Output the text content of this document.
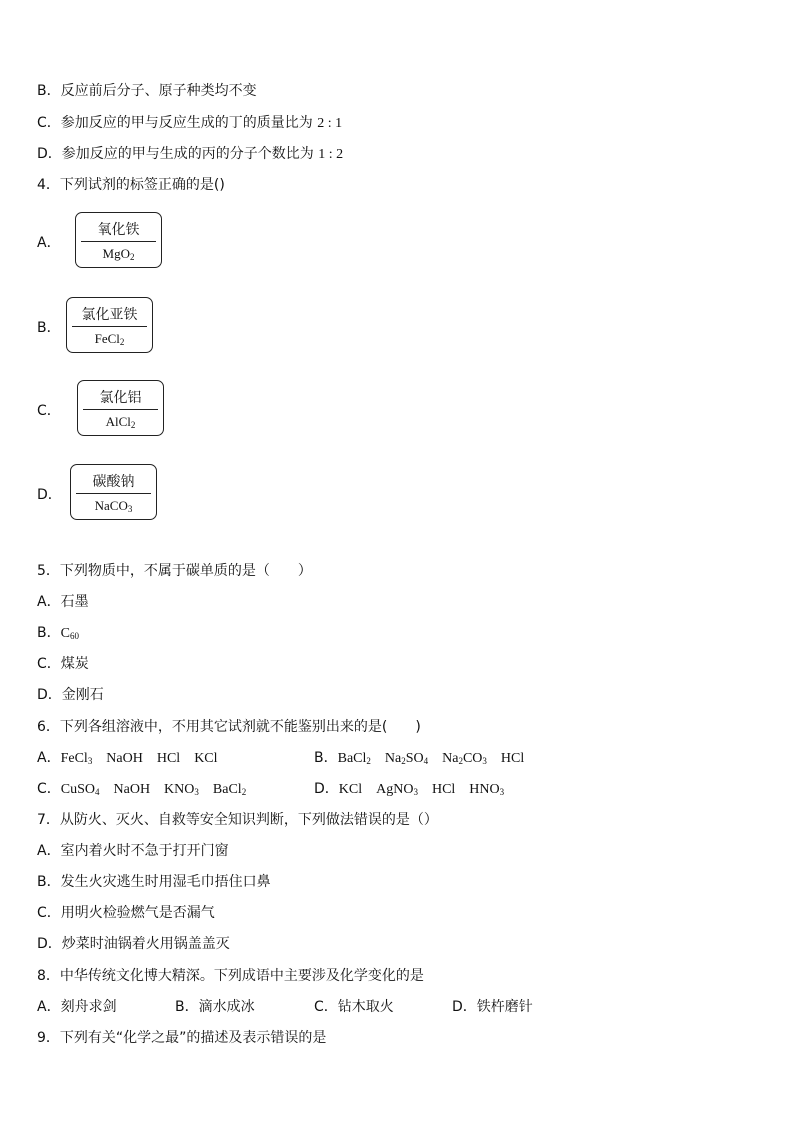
B．反应前后分子、原子种类均不变
C．参加反应的甲与反应生成的丁的质量比为 2 : 1
D．参加反应的甲与生成的丙的分子个数比为 1 : 2
4．下列试剂的标签正确的是()
A．
氧化铁
MgO$_2$
B．
氯化亚铁
FeCl$_2$
C．
氯化铝
AlCl$_2$
D．
碳酸钠
NaCO$_3$
5．下列物质中，不属于碳单质的是（　　）
A．石墨
B．$C_{60}$
C．煤炭
D．金刚石
6．下列各组溶液中，不用其它试剂就不能鉴别出来的是(　　)
A．FeCl$_3$　NaOH　HCl　KCl	B．BaCl$_2$　$Na_2SO_4$　$Na_2CO_3$　HCl
C．CuSO$_4$　NaOH　$KNO_3$　BaCl$_2$	D．KCl　AgNO$_3$　HCl　$HNO_3$
7．从防火、灭火、自救等安全知识判断，下列做法错误的是（）
A．室内着火时不急于打开门窗
B．发生火灾逃生时用湿毛巾捂住口鼻
C．用明火检验燃气是否漏气
D．炒菜时油锅着火用锅盖盖灭
8．中华传统文化博大精深。下列成语中主要涉及化学变化的是
A．刻舟求剑	B．滴水成冰	C．钻木取火	D．铁杵磨针
9．下列有关“化学之最”的描述及表示错误的是
